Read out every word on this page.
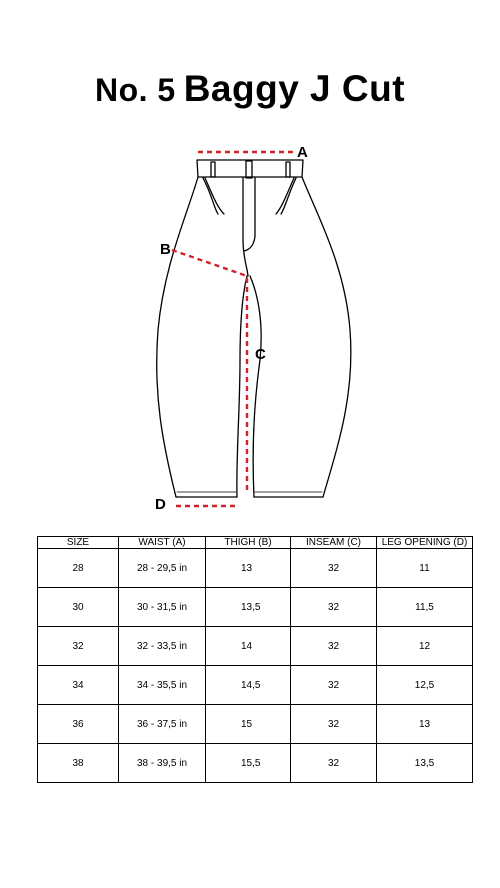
No. 5 Baggy J Cut
A
B
C
D
SIZE	WAIST (A)	THIGH (B)	INSEAM (C)	LEG OPENING (D)
28	28 - 29,5 in	13	32	11
30	30 - 31,5 in	13,5	32	11,5
32	32 - 33,5 in	14	32	12
34	34 - 35,5 in	14,5	32	12,5
36	36 - 37,5 in	15	32	13
38	38 - 39,5 in	15,5	32	13,5
